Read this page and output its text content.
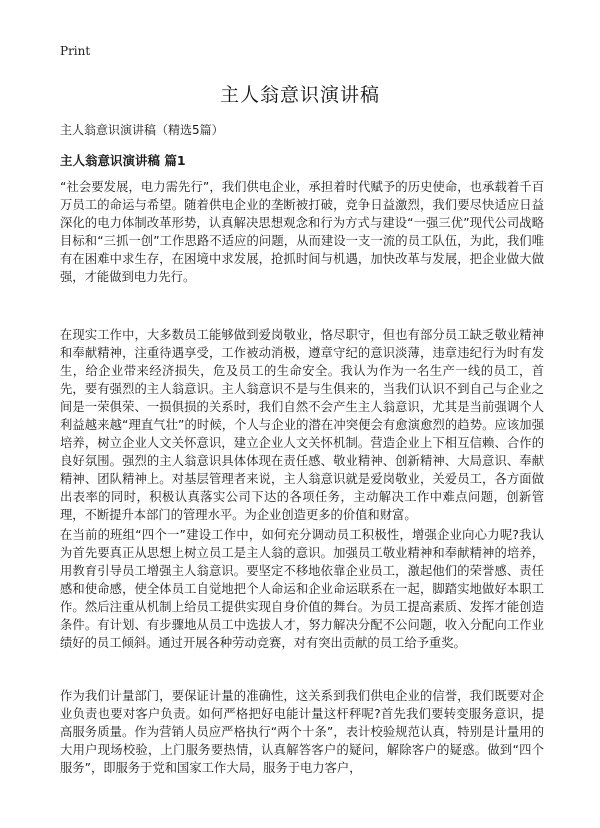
Print
主人翁意识演讲稿
主人翁意识演讲稿（精选5篇）
主人翁意识演讲稿 篇1

“社会要发展，电力需先行”，我们供电企业，承担着时代赋予的历史使命，也承载着千百万员工的命运与希望。随着供电企业的垄断被打破，竞争日益激烈，我们要尽快适应日益深化的电力体制改革形势，认真解决思想观念和行为方式与建设“一强三优”现代公司战略目标和“三抓一创”工作思路不适应的问题，从而建设一支一流的员工队伍，为此，我们唯有在困难中求生存，在困境中求发展，抢抓时间与机遇，加快改革与发展，把企业做大做强，才能做到电力先行。

在现实工作中，大多数员工能够做到爱岗敬业，恪尽职守，但也有部分员工缺乏敬业精神和奉献精神，注重待遇享受，工作被动消极，遵章守纪的意识淡薄，违章违纪行为时有发生，给企业带来经济损失，危及员工的生命安全。我认为作为一名生产一线的员工，首先，要有强烈的主人翁意识。主人翁意识不是与生俱来的，当我们认识不到自己与企业之间是一荣俱荣、一损俱损的关系时，我们自然不会产生主人翁意识，尤其是当前强调个人利益越来越“理直气壮”的时候，个人与企业的潜在冲突便会有愈演愈烈的趋势。应该加强培养，树立企业人文关怀意识，建立企业人文关怀机制。营造企业上下相互信赖、合作的良好氛围。强烈的主人翁意识具体体现在责任感、敬业精神、创新精神、大局意识、奉献精神、团队精神上。对基层管理者来说，主人翁意识就是爱岗敬业，关爱员工，各方面做出表率的同时，积极认真落实公司下达的各项任务，主动解决工作中难点问题，创新管理，不断提升本部门的管理水平。为企业创造更多的价值和财富。

在当前的班组“四个一”建设工作中，如何充分调动员工积极性，增强企业向心力呢?我认为首先要真正从思想上树立员工是主人翁的意识。加强员工敬业精神和奉献精神的培养，用教育引导员工增强主人翁意识。要坚定不移地依靠企业员工，激起他们的荣誉感、责任感和使命感，使全体员工自觉地把个人命运和企业命运联系在一起，脚踏实地做好本职工作。然后注重从机制上给员工提供实现自身价值的舞台。为员工提高素质、发挥才能创造条件。有计划、有步骤地从员工中选拔人才，努力解决分配不公问题，收入分配向工作业绩好的员工倾斜。通过开展各种劳动竞赛，对有突出贡献的员工给予重奖。

作为我们计量部门，要保证计量的准确性，这关系到我们供电企业的信誉，我们既要对企业负责也要对客户负责。如何严格把好电能计量这杆秤呢?首先我们要转变服务意识，提高服务质量。作为营销人员应严格执行“两个十条”，表计校验规范认真，特别是计量用的大用户现场校验，上门服务要热情，认真解答客户的疑问，解除客户的疑惑。做到“四个服务”，即服务于党和国家工作大局，服务于电力客户，
